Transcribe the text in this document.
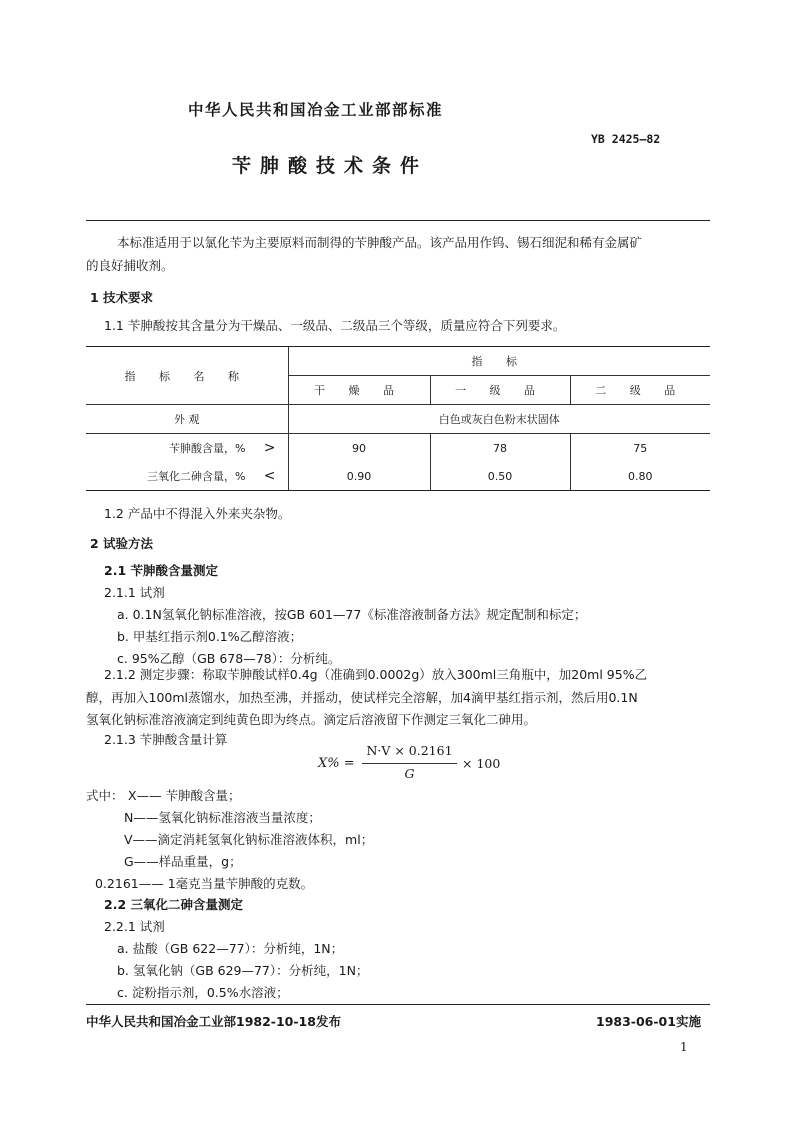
中华人民共和国冶金工业部部标准
YB 2425—82
苄胂酸技术条件
本标准适用于以氯化苄为主要原料而制得的苄胂酸产品。该产品用作钨、锡石细泥和稀有金属矿
的良好捕收剂。
1 技术要求
1.1 苄胂酸按其含量分为干燥品、一级品、二级品三个等级，质量应符合下列要求。
指 标 名 称	指 标		
	干 燥 品	一 级 品	二 级 品
外 观	白色或灰白色粉末状固体		
苄胂酸含量，% >	90	78	75
三氧化二砷含量，% <	0.90	0.50	0.80
1.2 产品中不得混入外来夹杂物。
2 试验方法
2.1 苄胂酸含量测定
2.1.1 试剂
a. 0.1N氢氧化钠标准溶液，按GB 601—77《标准溶液制备方法》规定配制和标定；
b. 甲基红指示剂0.1%乙醇溶液；
c. 95%乙醇（GB 678—78）：分析纯。
2.1.2 测定步骤：称取苄胂酸试样0.4g（准确到0.0002g）放入300ml三角瓶中，加20ml 95%乙
醇，再加入100ml蒸馏水，加热至沸，并摇动，使试样完全溶解，加4滴甲基红指示剂，然后用0.1N
氢氧化钠标准溶液滴定到纯黄色即为终点。滴定后溶液留下作测定三氧化二砷用。
2.1.3 苄胂酸含量计算
X% =
N·V × 0.2161
G
× 100
式中： X—— 苄胂酸含量；
N——氢氧化钠标准溶液当量浓度；
V——滴定消耗氢氧化钠标准溶液体积，ml；
G——样品重量，g；
0.2161—— 1毫克当量苄胂酸的克数。
2.2 三氧化二砷含量测定
2.2.1 试剂
a. 盐酸（GB 622—77）：分析纯，1N；
b. 氢氧化钠（GB 629—77）：分析纯，1N；
c. 淀粉指示剂，0.5%水溶液；
中华人民共和国冶金工业部1982-10-18发布	1983-06-01实施
1
